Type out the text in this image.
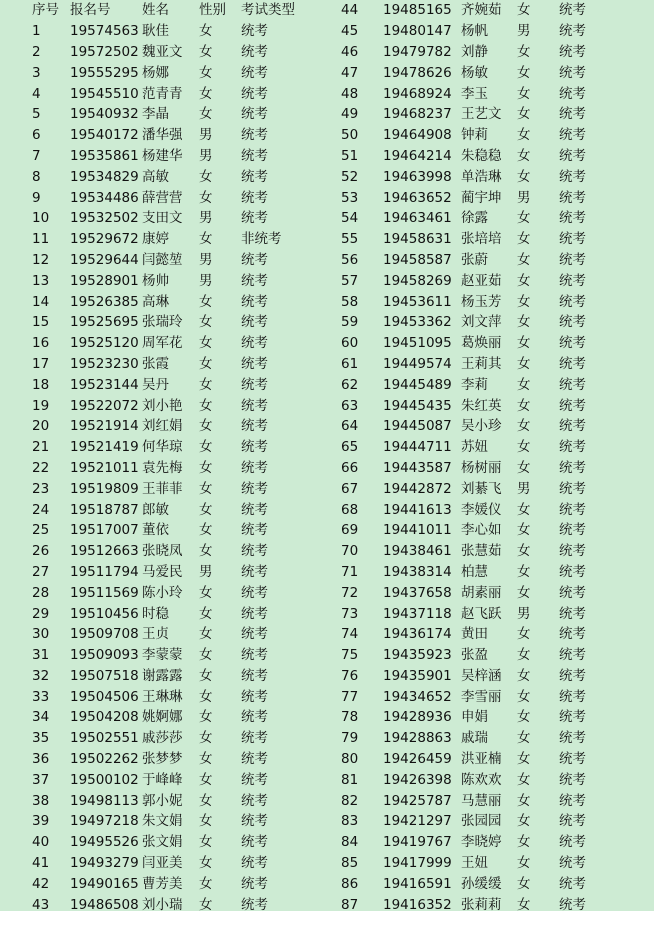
序号	报名号	姓名	性别	考试类型	44	19485165	齐婉茹	女	统考
1	19574563	耿佳	女	统考	45	19480147	杨帆	男	统考
2	19572502	魏亚文	女	统考	46	19479782	刘静	女	统考
3	19555295	杨娜	女	统考	47	19478626	杨敏	女	统考
4	19545510	范青青	女	统考	48	19468924	李玉	女	统考
5	19540932	李晶	女	统考	49	19468237	王艺文	女	统考
6	19540172	潘华强	男	统考	50	19464908	钟莉	女	统考
7	19535861	杨建华	男	统考	51	19464214	朱稳稳	女	统考
8	19534829	高敏	女	统考	52	19463998	单浩琳	女	统考
9	19534486	薛营营	女	统考	53	19463652	蔺宇坤	男	统考
10	19532502	支田文	男	统考	54	19463461	徐露	女	统考
11	19529672	康婷	女	非统考	55	19458631	张培培	女	统考
12	19529644	闫懿堃	男	统考	56	19458587	张蔚	女	统考
13	19528901	杨帅	男	统考	57	19458269	赵亚茹	女	统考
14	19526385	高琳	女	统考	58	19453611	杨玉芳	女	统考
15	19525695	张瑞玲	女	统考	59	19453362	刘文萍	女	统考
16	19525120	周军花	女	统考	60	19451095	葛焕丽	女	统考
17	19523230	张霞	女	统考	61	19449574	王莉其	女	统考
18	19523144	吴丹	女	统考	62	19445489	李莉	女	统考
19	19522072	刘小艳	女	统考	63	19445435	朱红英	女	统考
20	19521914	刘红娟	女	统考	64	19445087	吴小珍	女	统考
21	19521419	何华琼	女	统考	65	19444711	苏妞	女	统考
22	19521011	袁先梅	女	统考	66	19443587	杨树丽	女	统考
23	19519809	王菲菲	女	统考	67	19442872	刘綦飞	男	统考
24	19518787	郎敏	女	统考	68	19441613	李媛仪	女	统考
25	19517007	董依	女	统考	69	19441011	李心如	女	统考
26	19512663	张晓凤	女	统考	70	19438461	张慧茹	女	统考
27	19511794	马爱民	男	统考	71	19438314	柏慧	女	统考
28	19511569	陈小玲	女	统考	72	19437658	胡素丽	女	统考
29	19510456	时稳	女	统考	73	19437118	赵飞跃	男	统考
30	19509708	王贞	女	统考	74	19436174	黄田	女	统考
31	19509093	李蒙蒙	女	统考	75	19435923	张盈	女	统考
32	19507518	谢露露	女	统考	76	19435901	吴梓涵	女	统考
33	19504506	王琳琳	女	统考	77	19434652	李雪丽	女	统考
34	19504208	姚婀娜	女	统考	78	19428936	申娟	女	统考
35	19502551	戚莎莎	女	统考	79	19428863	戚瑞	女	统考
36	19502262	张梦梦	女	统考	80	19426459	洪亚楠	女	统考
37	19500102	于峰峰	女	统考	81	19426398	陈欢欢	女	统考
38	19498113	郭小妮	女	统考	82	19425787	马慧丽	女	统考
39	19497218	朱文娟	女	统考	83	19421297	张园园	女	统考
40	19495526	张文娟	女	统考	84	19419767	李晓婷	女	统考
41	19493279	闫亚美	女	统考	85	19417999	王妞	女	统考
42	19490165	曹芳美	女	统考	86	19416591	孙缓缓	女	统考
43	19486508	刘小瑞	女	统考	87	19416352	张莉莉	女	统考
